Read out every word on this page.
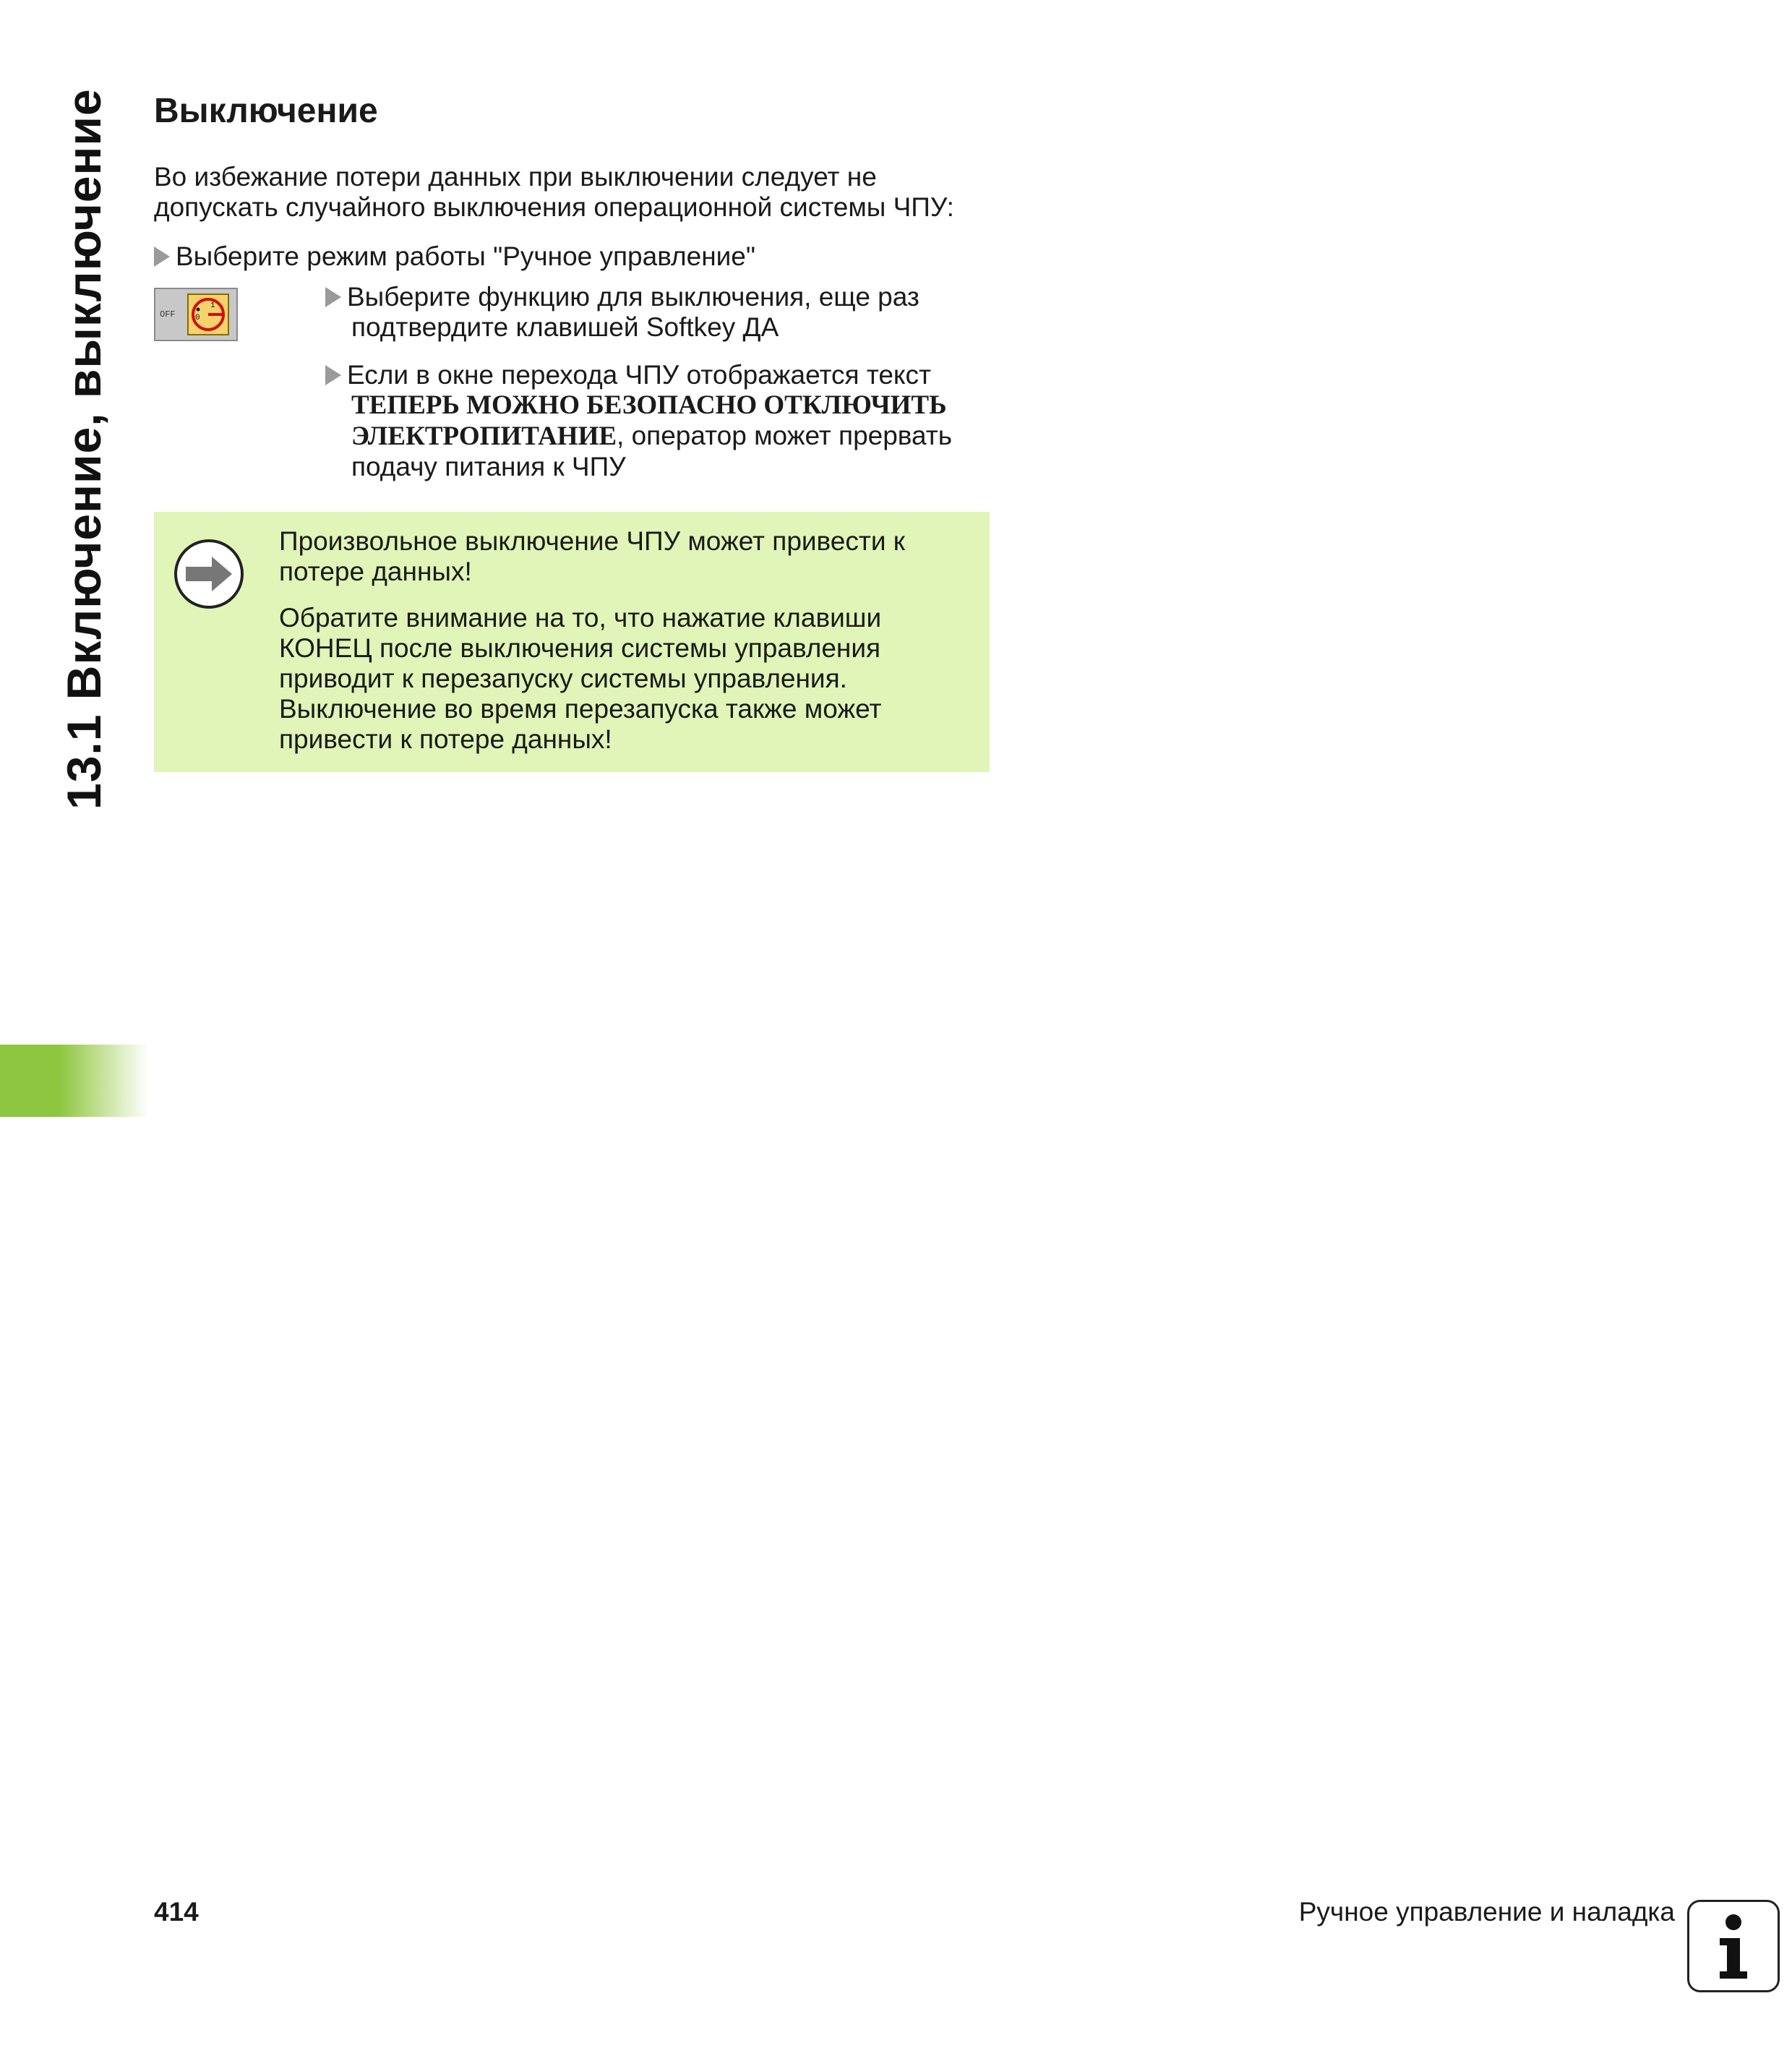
13.1 Включение, выключение Выключение

Во избежание потери данных при выключении следует не допускать случайного выключения операционной системы ЧПУ:

Выберите режим работы "Ручное управление"

OFF
1
0

Выберите функцию для выключения, еще раз
подтвердите клавишей Softkey ДА

Если в окне перехода ЧПУ отображается текст
ТЕПЕРЬ МОЖНО БЕЗОПАСНО ОТКЛЮЧИТЬ
ЭЛЕКТРОПИТАНИЕ, оператор может прервать
подачу питания к ЧПУ

Произвольное выключение ЧПУ может привести к потере данных!

Обратите внимание на то, что нажатие клавиши КОНЕЦ после выключения системы управления приводит к перезапуску системы управления. Выключение во время перезапуска также может привести к потере данных!

414	Ручное управление и наладка
